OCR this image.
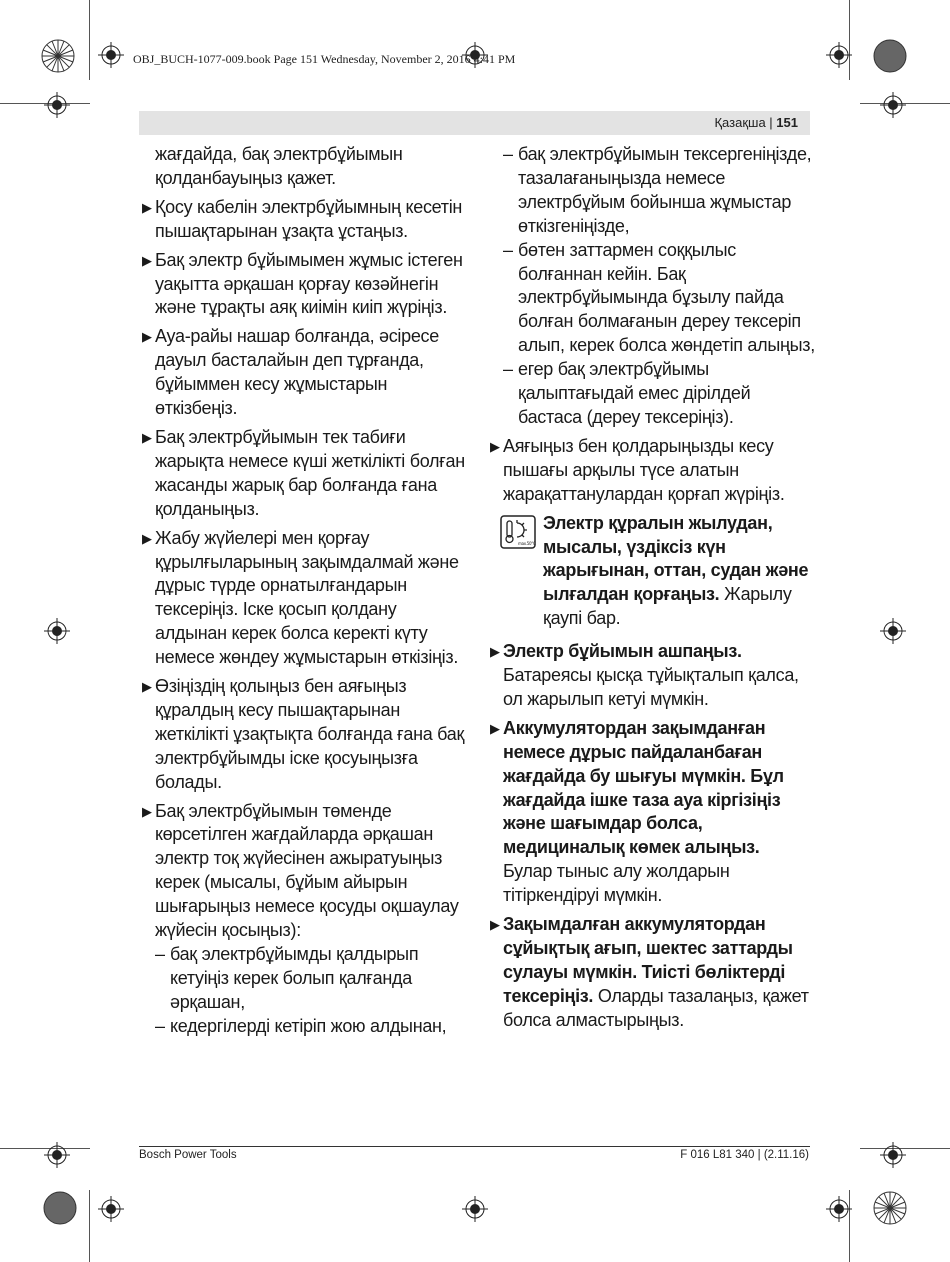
OBJ_BUCH-1077-009.book Page 151 Wednesday, November 2, 2016 4:41 PM
Қазақша | 151
жағдайда, бақ электрбұйымын қолданбауыңыз қажет.
▶ Қосу кабелін электрбұйымның кесетін пышақтарынан ұзақта ұстаңыз.
▶ Бақ электр бұйымымен жұмыс істеген уақытта әрқашан қорғау көзәйнегін және тұрақты аяқ киімін киіп жүріңіз.
▶ Ауа-райы нашар болғанда, әсіресе дауыл басталайын деп тұрғанда, бұйыммен кесу жұмыстарын өткізбеңіз.
▶ Бақ электрбұйымын тек табиғи жарықта немесе күші жеткілікті болған жасанды жарық бар болғанда ғана қолданыңыз.
▶ Жабу жүйелері мен қорғау құрылғыларының зақымдалмай және дұрыс түрде орнатылғандарын тексеріңіз. Іске қосып қолдану алдынан керек болса керекті күту немесе жөндеу жұмыстарын өткізіңіз.
▶ Өзіңіздің қолыңыз бен аяғыңыз құралдың кесу пышақтарынан жеткілікті ұзақтықта болғанда ғана бақ электрбұйымды іске қосуыңызға болады.
▶ Бақ электрбұйымын төменде көрсетілген жағдайларда әрқашан электр тоқ жүйесінен ажыратуыңыз керек (мысалы, бұйым айырын шығарыңыз немесе қосуды оқшаулау жүйесін қосыңыз):
– бақ электрбұйымды қалдырып кетуіңіз керек болып қалғанда әрқашан,
– кедергілерді кетіріп жою алдынан,
– бақ электрбұйымын тексергеніңізде, тазалағаныңызда немесе электрбұйым бойынша жұмыстар өткізгеніңізде,
– бөтен заттармен соққылыс болғаннан кейін. Бақ электрбұйымында бұзылу пайда болған болмағанын дереу тексеріп алып, керек болса жөндетіп алыңыз,
– егер бақ электрбұйымы қалыптағыдай емес дірілдей бастаса (дереу тексеріңіз).
▶ Аяғыңыз бен қолдарыңызды кесу пышағы арқылы түсе алатын жарақаттанулардан қорғап жүріңіз.
max.50°C
Электр құралын жылудан, мысалы, үздіксіз күн жарығынан, оттан, судан және ылғалдан қорғаңыз. Жарылу қаупі бар.
▶ Электр бұйымын ашпаңыз.
Батареясы қысқа тұйықталып қалса, ол жарылып кетуі мүмкін.
▶ Аккумулятордан зақымданған немесе дұрыс пайдаланбаған жағдайда бу шығуы мүмкін. Бұл жағдайда ішке таза ауа кіргізіңіз және шағымдар болса, медициналық көмек алыңыз.
Булар тыныс алу жолдарын тітіркендіруі мүмкін.
▶ Зақымдалған аккумулятордан сұйықтық ағып, шектес заттарды сулауы мүмкін. Тиісті бөліктерді тексеріңіз. Оларды тазалаңыз, қажет болса алмастырыңыз.
Bosch Power Tools	F 016 L81 340 | (2.11.16)
